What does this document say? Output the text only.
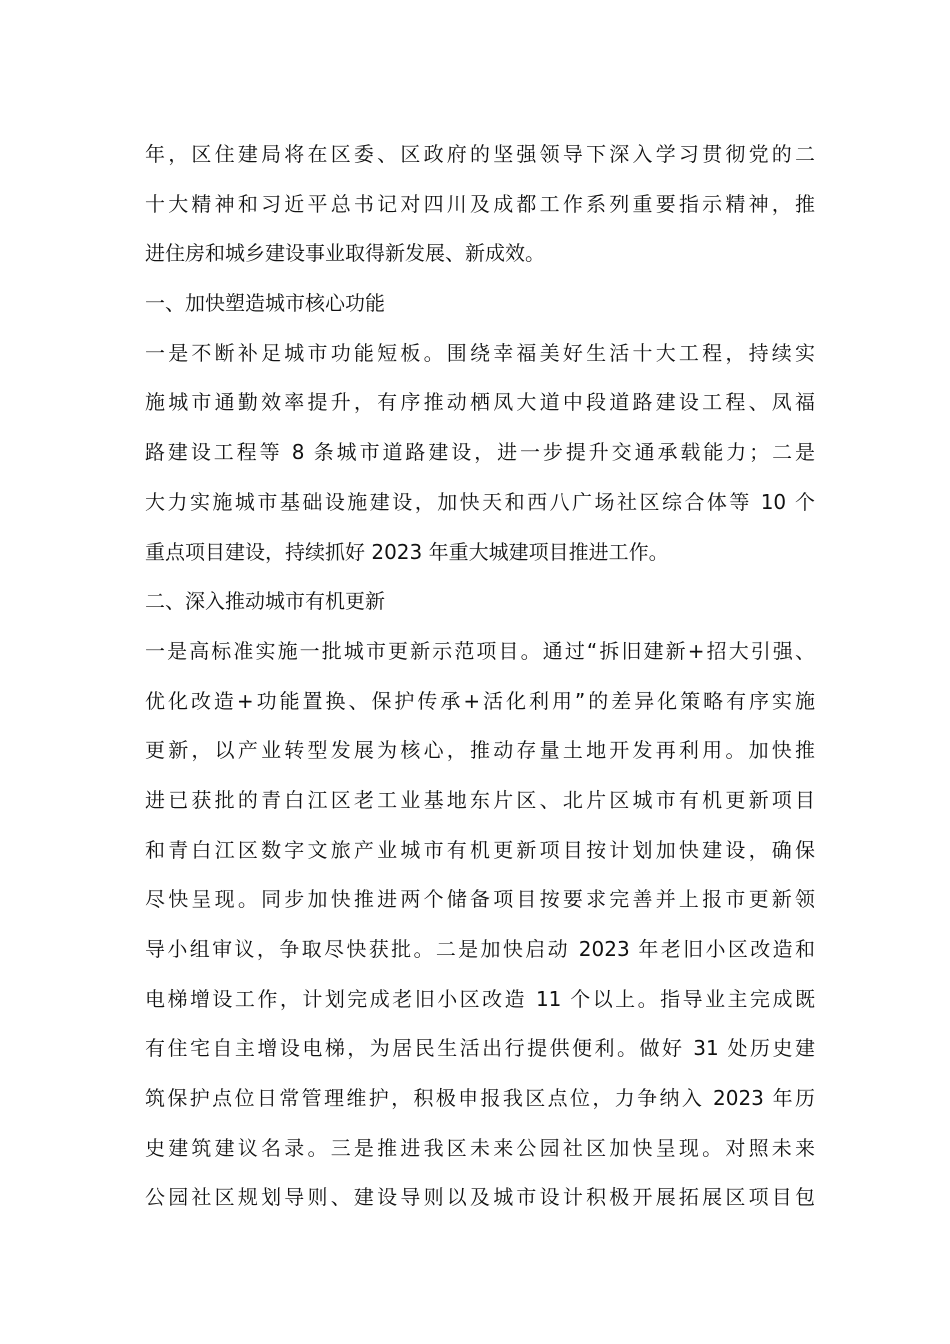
年，区住建局将在区委、区政府的坚强领导下深入学习贯彻党的二
十大精神和习近平总书记对四川及成都工作系列重要指示精神，推
进住房和城乡建设事业取得新发展、新成效。
一、加快塑造城市核心功能
一是不断补足城市功能短板。围绕幸福美好生活十大工程，持续实
施城市通勤效率提升，有序推动栖凤大道中段道路建设工程、凤福
路建设工程等 8 条城市道路建设，进一步提升交通承载能力；二是
大力实施城市基础设施建设，加快天和西八广场社区综合体等 10 个
重点项目建设，持续抓好 2023 年重大城建项目推进工作。
二、深入推动城市有机更新
一是高标准实施一批城市更新示范项目。通过“拆旧建新+招大引强、
优化改造+功能置换、保护传承+活化利用”的差异化策略有序实施
更新，以产业转型发展为核心，推动存量土地开发再利用。加快推
进已获批的青白江区老工业基地东片区、北片区城市有机更新项目
和青白江区数字文旅产业城市有机更新项目按计划加快建设，确保
尽快呈现。同步加快推进两个储备项目按要求完善并上报市更新领
导小组审议，争取尽快获批。二是加快启动 2023 年老旧小区改造和
电梯增设工作，计划完成老旧小区改造 11 个以上。指导业主完成既
有住宅自主增设电梯，为居民生活出行提供便利。做好 31 处历史建
筑保护点位日常管理维护，积极申报我区点位，力争纳入 2023 年历
史建筑建议名录。三是推进我区未来公园社区加快呈现。对照未来
公园社区规划导则、建设导则以及城市设计积极开展拓展区项目包
